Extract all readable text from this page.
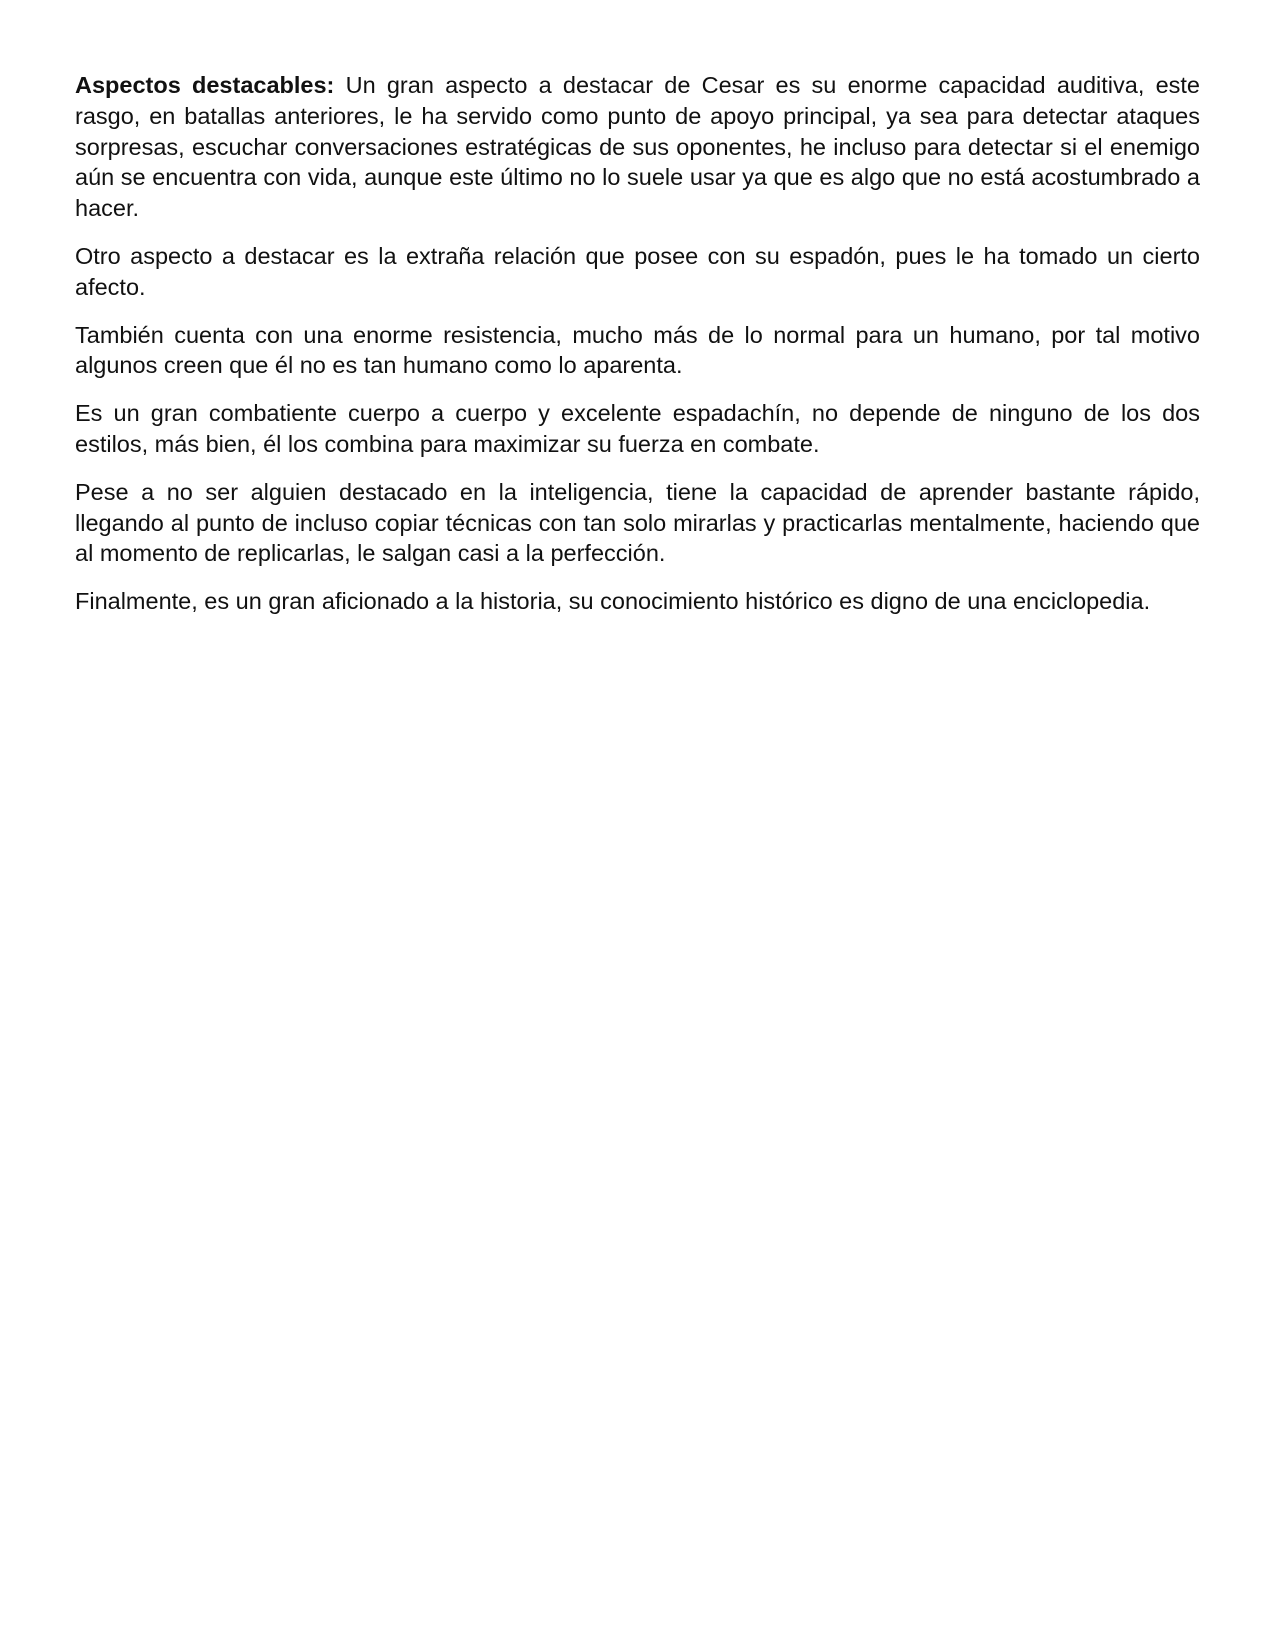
Aspectos destacables: Un gran aspecto a destacar de Cesar es su enorme capacidad auditiva, este rasgo, en batallas anteriores, le ha servido como punto de apoyo principal, ya sea para detectar ataques sorpresas, escuchar conversaciones estratégicas de sus oponentes, he incluso para detectar si el enemigo aún se encuentra con vida, aunque este último no lo suele usar ya que es algo que no está acostumbrado a hacer.

Otro aspecto a destacar es la extraña relación que posee con su espadón, pues le ha tomado un cierto afecto.

También cuenta con una enorme resistencia, mucho más de lo normal para un humano, por tal motivo algunos creen que él no es tan humano como lo aparenta.

Es un gran combatiente cuerpo a cuerpo y excelente espadachín, no depende de ninguno de los dos estilos, más bien, él los combina para maximizar su fuerza en combate.

Pese a no ser alguien destacado en la inteligencia, tiene la capacidad de aprender bastante rápido, llegando al punto de incluso copiar técnicas con tan solo mirarlas y practicarlas mentalmente, haciendo que al momento de replicarlas, le salgan casi a la perfección.

Finalmente, es un gran aficionado a la historia, su conocimiento histórico es digno de una enciclopedia.
